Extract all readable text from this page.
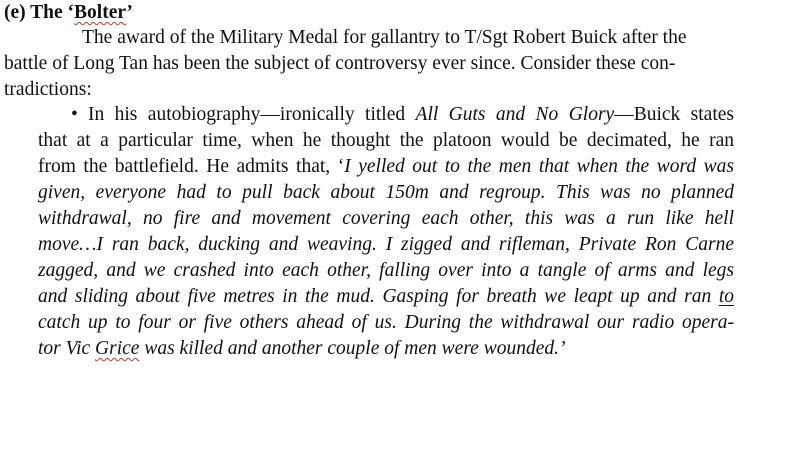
(e) The ‘Bolter’

The award of the Military Medal for gallantry to T/Sgt Robert Buick after the
battle of Long Tan has been the subject of controversy ever since. Consider these con-
tradictions:

• In his autobiography—ironically titled All Guts and No Glory—Buick states
that at a particular time, when he thought the platoon would be decimated, he ran
from the battlefield. He admits that, ‘I yelled out to the men that when the word was
given, everyone had to pull back about 150m and regroup. This was no planned
withdrawal, no fire and movement covering each other, this was a run like hell
move…I ran back, ducking and weaving. I zigged and rifleman, Private Ron Carne
zagged, and we crashed into each other, falling over into a tangle of arms and legs
and sliding about five metres in the mud. Gasping for breath we leapt up and ran to
catch up to four or five others ahead of us. During the withdrawal our radio opera-
tor Vic Grice was killed and another couple of men were wounded.’
